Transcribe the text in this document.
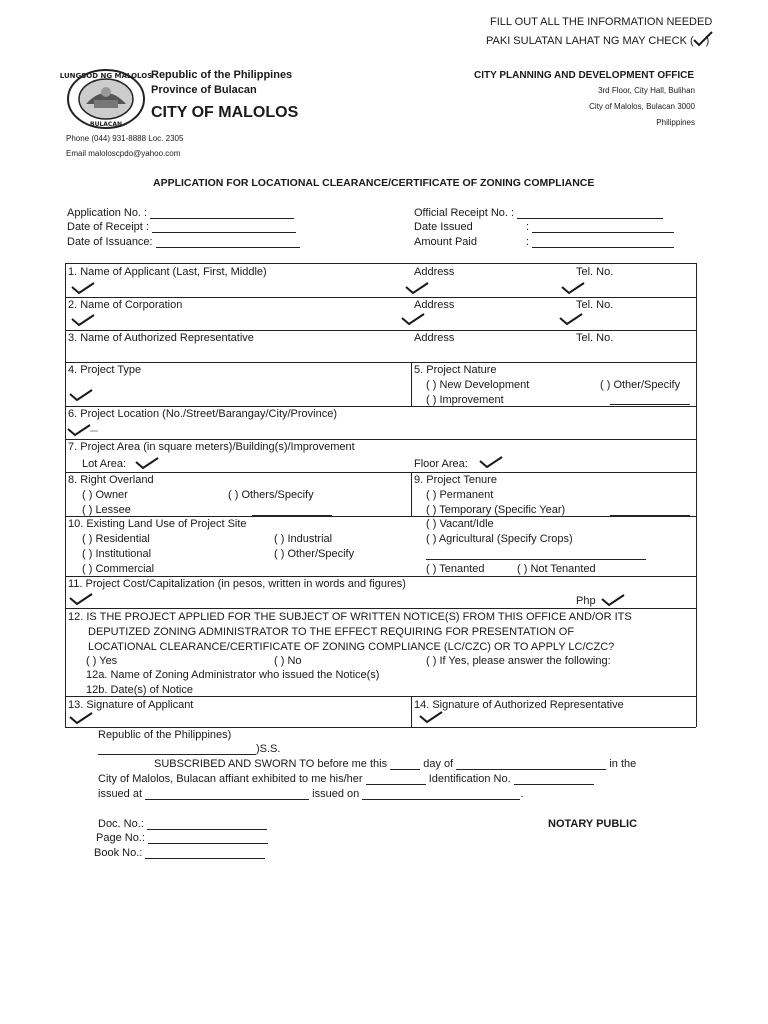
FILL OUT ALL THE INFORMATION NEEDED
PAKI SULATAN LAHAT NG MAY CHECK ( )
LUNGSOD NG MALOLOS
BULACAN
Republic of the Philippines
Province of Bulacan
CITY OF MALOLOS
CITY PLANNING AND DEVELOPMENT OFFICE
3rd Floor, City Hall, Bulihan
City of Malolos, Bulacan 3000
Philippines
Phone (044) 931-8888 Loc. 2305
Email maloloscpdo@yahoo.com
APPLICATION FOR LOCATIONAL CLEARANCE/CERTIFICATE OF ZONING COMPLIANCE
Application No. :
Date of Receipt :
Date of Issuance:
Official Receipt No. :
Date Issued	:
Amount Paid	:
1. Name of Applicant (Last, First, Middle)	Address	Tel. No.
2. Name of Corporation	Address	Tel. No.
3. Name of Authorized Representative	Address	Tel. No.
4. Project Type	5. Project Nature
( ) New Development	( ) Other/Specify
( ) Improvement
6. Project Location (No./Street/Barangay/City/Province)
7. Project Area (in square meters)/Building(s)/Improvement
Lot Area:	Floor Area:
8. Right Overland
( ) Owner	( ) Others/Specify
( ) Lessee
9. Project Tenure
( ) Permanent
( ) Temporary (Specific Year)
10. Existing Land Use of Project Site
( ) Residential	( ) Industrial
( ) Institutional	( ) Other/Specify
( ) Commercial
( ) Vacant/Idle
( ) Agricultural (Specify Crops)
( ) Tenanted	( ) Not Tenanted
11. Project Cost/Capitalization (in pesos, written in words and figures)
Php
12. IS THE PROJECT APPLIED FOR THE SUBJECT OF WRITTEN NOTICE(S) FROM THIS OFFICE AND/OR ITS
DEPUTIZED ZONING ADMINISTRATOR TO THE EFFECT REQUIRING FOR PRESENTATION OF
LOCATIONAL CLEARANCE/CERTIFICATE OF ZONING COMPLIANCE (LC/CZC) OR TO APPLY LC/CZC?
( ) Yes	( ) No	( ) If Yes, please answer the following:
12a. Name of Zoning Administrator who issued the Notice(s)
12b. Date(s) of Notice
13. Signature of Applicant	14. Signature of Authorized Representative
Republic of the Philippines)
)S.S.
SUBSCRIBED AND SWORN TO before me this	day of	in the
City of Malolos, Bulacan affiant exhibited to me his/her	Identification No.
issued at	issued on	.
Doc. No.:
Page No.:
Book No.:
NOTARY PUBLIC
